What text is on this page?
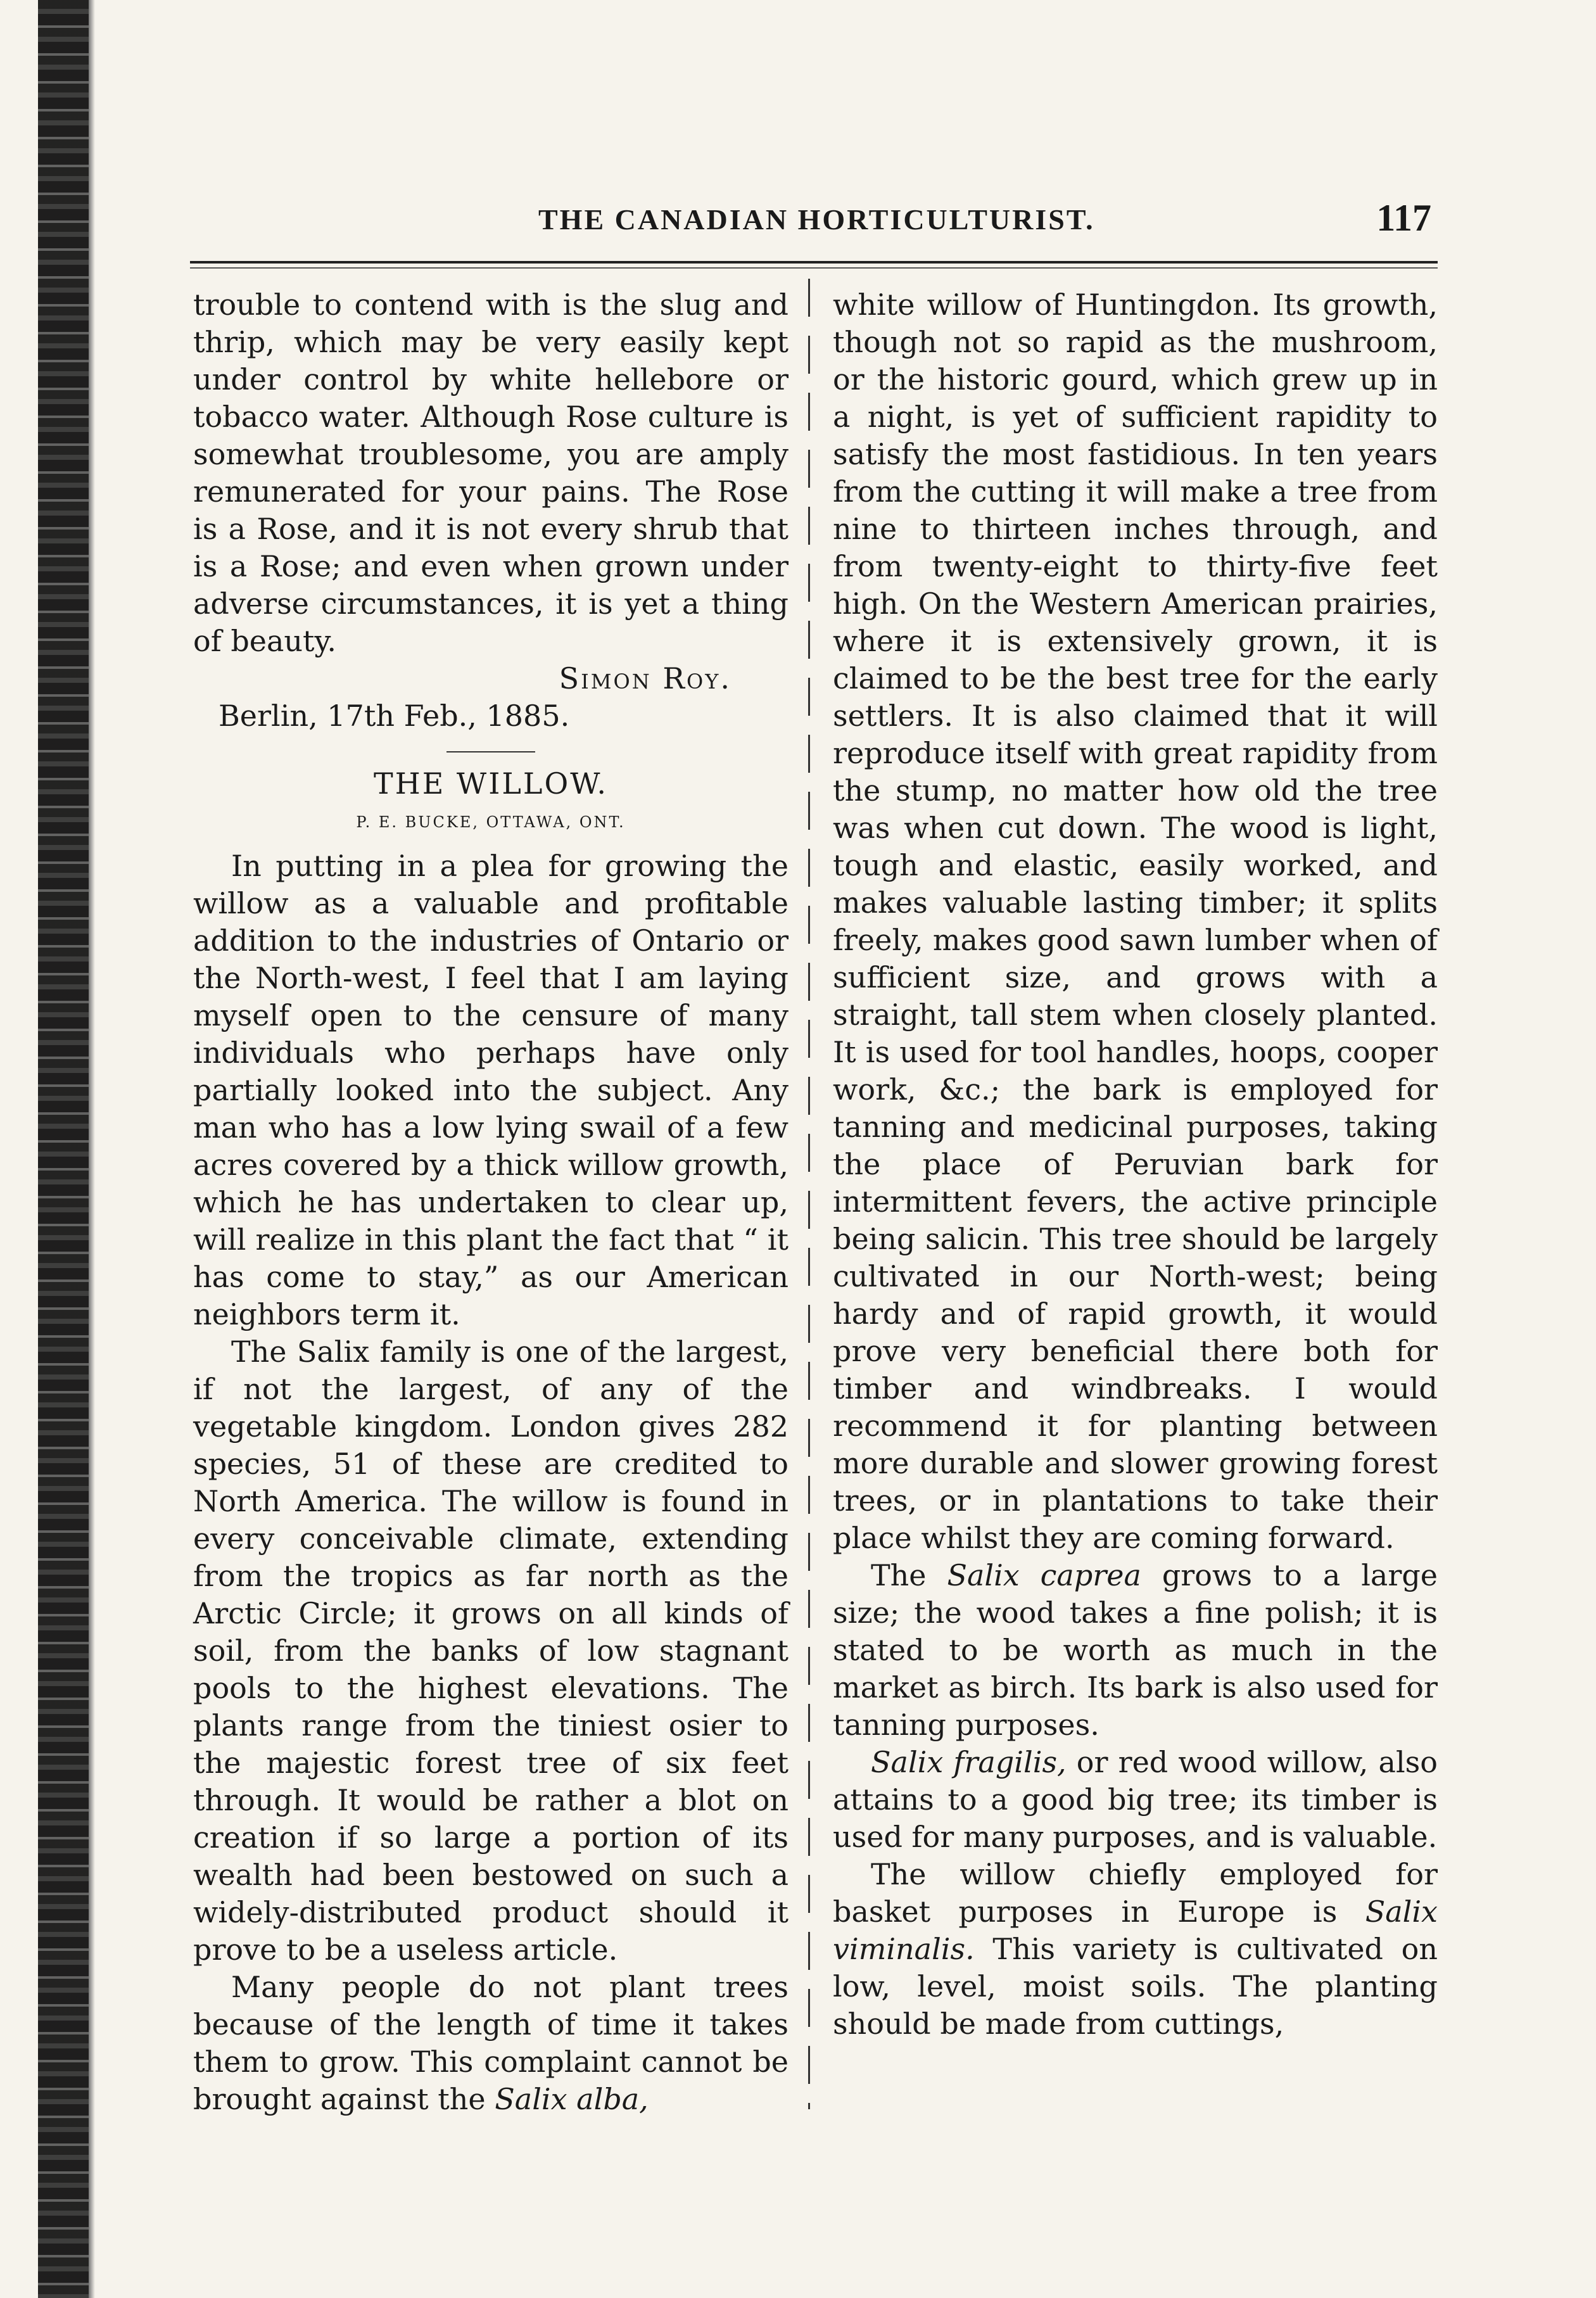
THE CANADIAN HORTICULTURIST.	117

trouble to contend with is the slug and thrip, which may be very easily kept under control by white hellebore or tobacco water. Although Rose culture is somewhat troublesome, you are amply remunerated for your pains. The Rose is a Rose, and it is not every shrub that is a Rose; and even when grown under adverse circumstances, it is yet a thing of beauty.

Simon Roy.

Berlin, 17th Feb., 1885.

THE WILLOW.

P. E. BUCKE, OTTAWA, ONT.

In putting in a plea for growing the willow as a valuable and profitable addition to the industries of Ontario or the North-west, I feel that I am laying myself open to the censure of many individuals who perhaps have only partially looked into the subject. Any man who has a low lying swail of a few acres covered by a thick willow growth, which he has undertaken to clear up, will realize in this plant the fact that “ it has come to stay,” as our American neighbors term it.

The Salix family is one of the largest, if not the largest, of any of the vegetable kingdom. London gives 282 species, 51 of these are credited to North America. The willow is found in every conceivable climate, extending from the tropics as far north as the Arctic Circle; it grows on all kinds of soil, from the banks of low stagnant pools to the highest elevations. The plants range from the tiniest osier to the majestic forest tree of six feet through. It would be rather a blot on creation if so large a portion of its wealth had been bestowed on such a widely-distributed product should it prove to be a useless article.

Many people do not plant trees because of the length of time it takes them to grow. This complaint cannot be brought against the Salix alba,

white willow of Huntingdon. Its growth, though not so rapid as the mushroom, or the historic gourd, which grew up in a night, is yet of sufficient rapidity to satisfy the most fastidious. In ten years from the cutting it will make a tree from nine to thirteen inches through, and from twenty-eight to thirty-five feet high. On the Western American prairies, where it is extensively grown, it is claimed to be the best tree for the early settlers. It is also claimed that it will reproduce itself with great rapidity from the stump, no matter how old the tree was when cut down. The wood is light, tough and elastic, easily worked, and makes valuable lasting timber; it splits freely, makes good sawn lumber when of sufficient size, and grows with a straight, tall stem when closely planted. It is used for tool handles, hoops, cooper work, &c.; the bark is employed for tanning and medicinal purposes, taking the place of Peruvian bark for intermittent fevers, the active principle being salicin. This tree should be largely cultivated in our North-west; being hardy and of rapid growth, it would prove very beneficial there both for timber and windbreaks. I would recommend it for planting between more durable and slower growing forest trees, or in plantations to take their place whilst they are coming forward.

The Salix caprea grows to a large size; the wood takes a fine polish; it is stated to be worth as much in the market as birch. Its bark is also used for tanning purposes.

Salix fragilis, or red wood willow, also attains to a good big tree; its timber is used for many purposes, and is valuable.

The willow chiefly employed for basket purposes in Europe is Salix viminalis. This variety is cultivated on low, level, moist soils. The planting should be made from cuttings,
